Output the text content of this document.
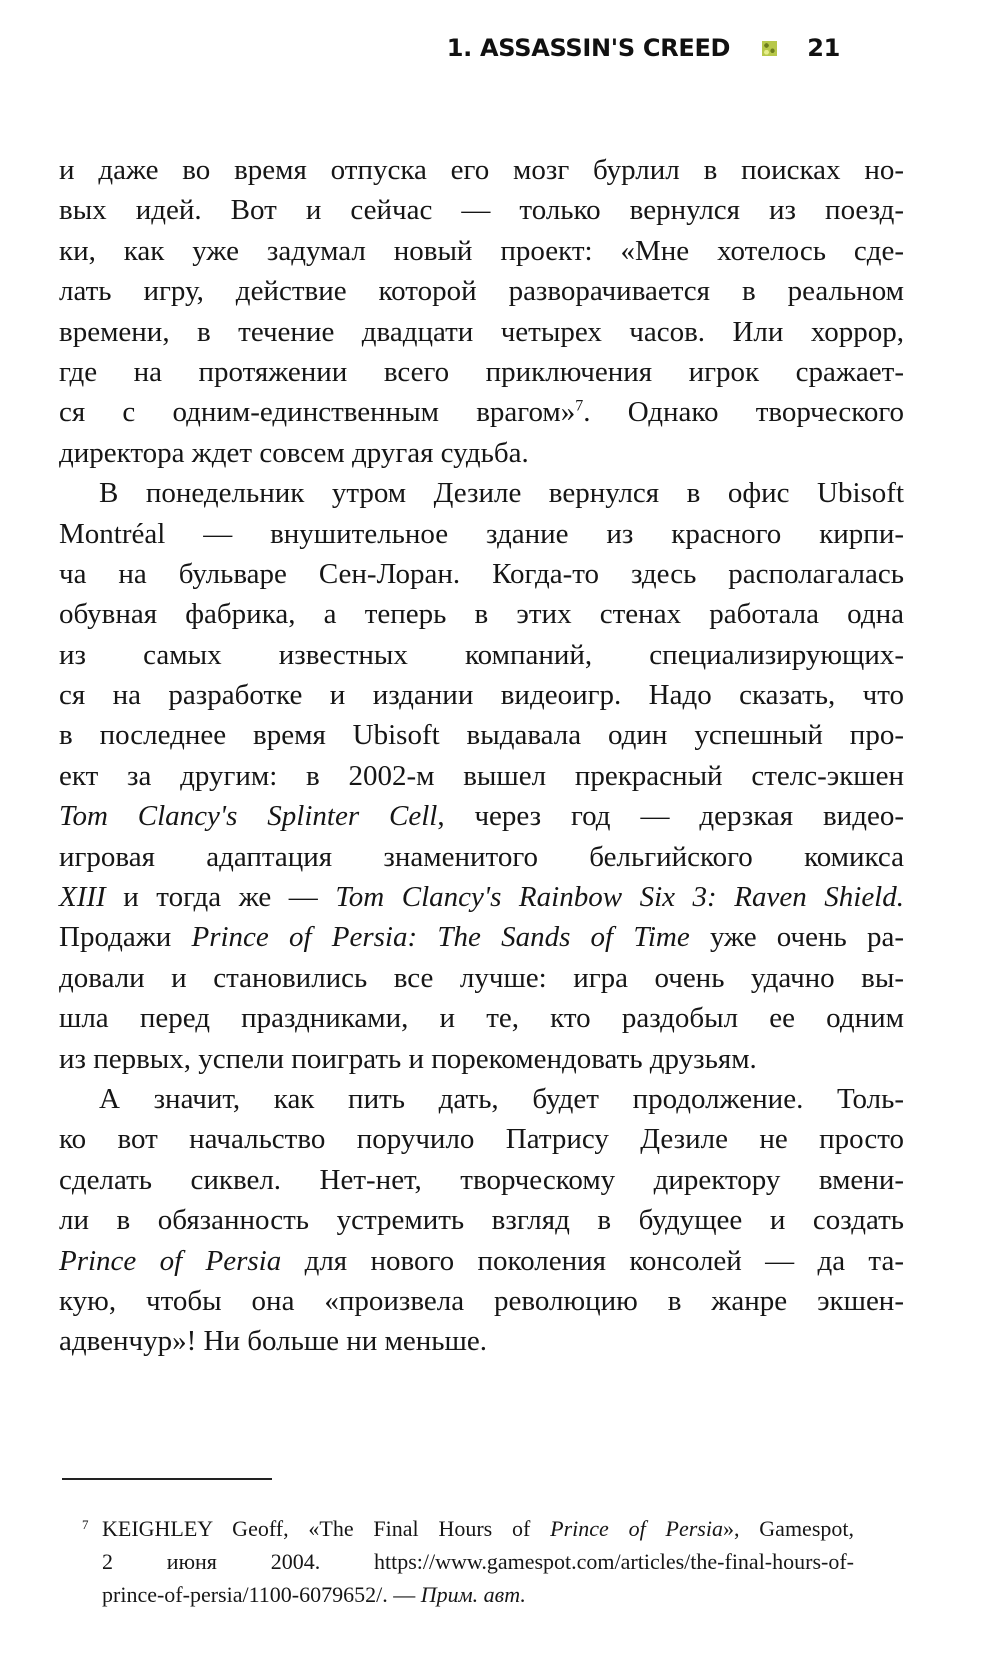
1. ASSASSIN'S CREED	21
и даже во время отпуска его мозг бурлил в поисках но-
вых идей. Вот и сейчас — только вернулся из поезд-
ки, как уже задумал новый проект: «Мне хотелось сде-
лать игру, действие которой разворачивается в реальном
времени, в течение двадцати четырех часов. Или хоррор,
где на протяжении всего приключения игрок сражает-
ся с одним-единственным врагом»$^7$. Однако творческого
директора ждет совсем другая судьба.
В понедельник утром Дезиле вернулся в офис Ubisoft
Montréal — внушительное здание из красного кирпи-
ча на бульваре Сен-Лоран. Когда-то здесь располагалась
обувная фабрика, а теперь в этих стенах работала одна
из самых известных компаний, специализирующих-
ся на разработке и издании видеоигр. Надо сказать, что
в последнее время Ubisoft выдавала один успешный про-
ект за другим: в 2002-м вышел прекрасный стелс-экшен
Tom Clancy's Splinter Cell, через год — дерзкая видео-
игровая адаптация знаменитого бельгийского комикса
XIII и тогда же — Tom Clancy's Rainbow Six 3: Raven Shield.
Продажи Prince of Persia: The Sands of Time уже очень ра-
довали и становились все лучше: игра очень удачно вы-
шла перед праздниками, и те, кто раздобыл ее одним
из первых, успели поиграть и порекомендовать друзьям.
А значит, как пить дать, будет продолжение. Толь-
ко вот начальство поручило Патрису Дезиле не просто
сделать сиквел. Нет-нет, творческому директору вмени-
ли в обязанность устремить взгляд в будущее и создать
Prince of Persia для нового поколения консолей — да та-
кую, чтобы она «произвела революцию в жанре экшен-
адвенчур»! Ни больше ни меньше.
7 KEIGHLEY Geoff, «The Final Hours of Prince of Persia», Gamespot,
2 июня 2004. https://www.gamespot.com/articles/the-final-hours-of-
prince-of-persia/1100-6079652/. — Прим. авт.
